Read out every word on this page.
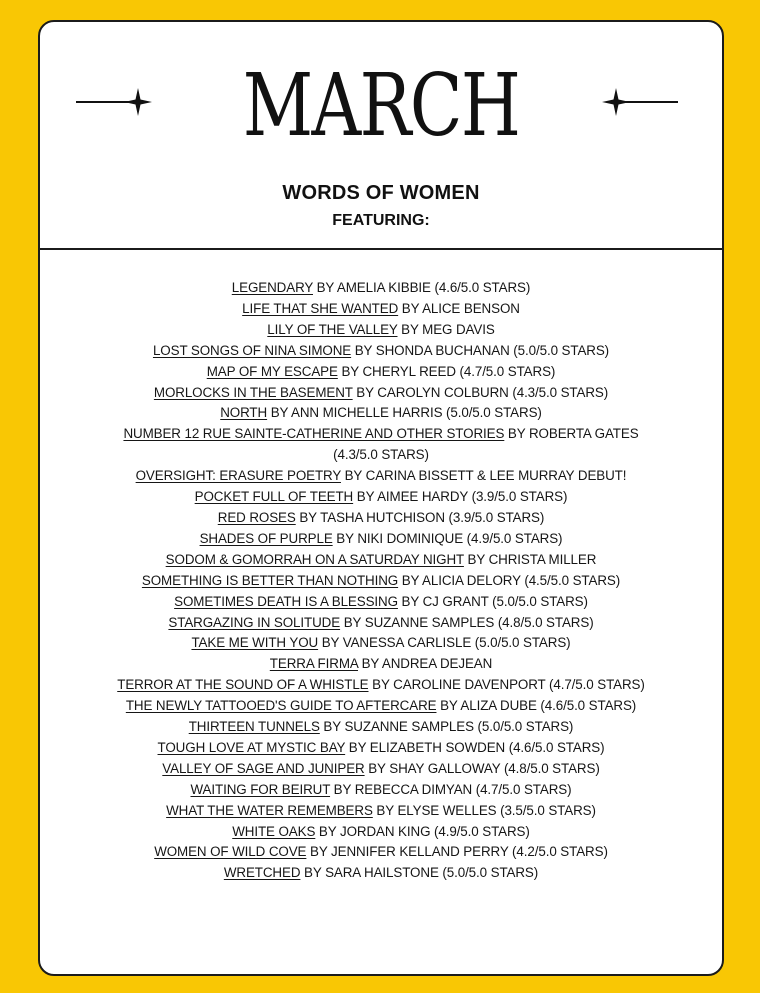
MARCH
WORDS OF WOMEN
FEATURING:
LEGENDARY BY AMELIA KIBBIE (4.6/5.0 STARS)
LIFE THAT SHE WANTED BY ALICE BENSON
LILY OF THE VALLEY BY MEG DAVIS
LOST SONGS OF NINA SIMONE BY SHONDA BUCHANAN (5.0/5.0 STARS)
MAP OF MY ESCAPE BY CHERYL REED (4.7/5.0 STARS)
MORLOCKS IN THE BASEMENT BY CAROLYN COLBURN (4.3/5.0 STARS)
NORTH BY ANN MICHELLE HARRIS (5.0/5.0 STARS)
NUMBER 12 RUE SAINTE-CATHERINE AND OTHER STORIES BY ROBERTA GATES
(4.3/5.0 STARS)
OVERSIGHT: ERASURE POETRY BY CARINA BISSETT & LEE MURRAY DEBUT!
POCKET FULL OF TEETH BY AIMEE HARDY (3.9/5.0 STARS)
RED ROSES BY TASHA HUTCHISON (3.9/5.0 STARS)
SHADES OF PURPLE BY NIKI DOMINIQUE (4.9/5.0 STARS)
SODOM & GOMORRAH ON A SATURDAY NIGHT BY CHRISTA MILLER
SOMETHING IS BETTER THAN NOTHING BY ALICIA DELORY (4.5/5.0 STARS)
SOMETIMES DEATH IS A BLESSING BY CJ GRANT (5.0/5.0 STARS)
STARGAZING IN SOLITUDE BY SUZANNE SAMPLES (4.8/5.0 STARS)
TAKE ME WITH YOU BY VANESSA CARLISLE (5.0/5.0 STARS)
TERRA FIRMA BY ANDREA DEJEAN
TERROR AT THE SOUND OF A WHISTLE BY CAROLINE DAVENPORT (4.7/5.0 STARS)
THE NEWLY TATTOOED'S GUIDE TO AFTERCARE BY ALIZA DUBE (4.6/5.0 STARS)
THIRTEEN TUNNELS BY SUZANNE SAMPLES (5.0/5.0 STARS)
TOUGH LOVE AT MYSTIC BAY BY ELIZABETH SOWDEN (4.6/5.0 STARS)
VALLEY OF SAGE AND JUNIPER BY SHAY GALLOWAY (4.8/5.0 STARS)
WAITING FOR BEIRUT BY REBECCA DIMYAN (4.7/5.0 STARS)
WHAT THE WATER REMEMBERS BY ELYSE WELLES (3.5/5.0 STARS)
WHITE OAKS BY JORDAN KING (4.9/5.0 STARS)
WOMEN OF WILD COVE BY JENNIFER KELLAND PERRY (4.2/5.0 STARS)
WRETCHED BY SARA HAILSTONE (5.0/5.0 STARS)
